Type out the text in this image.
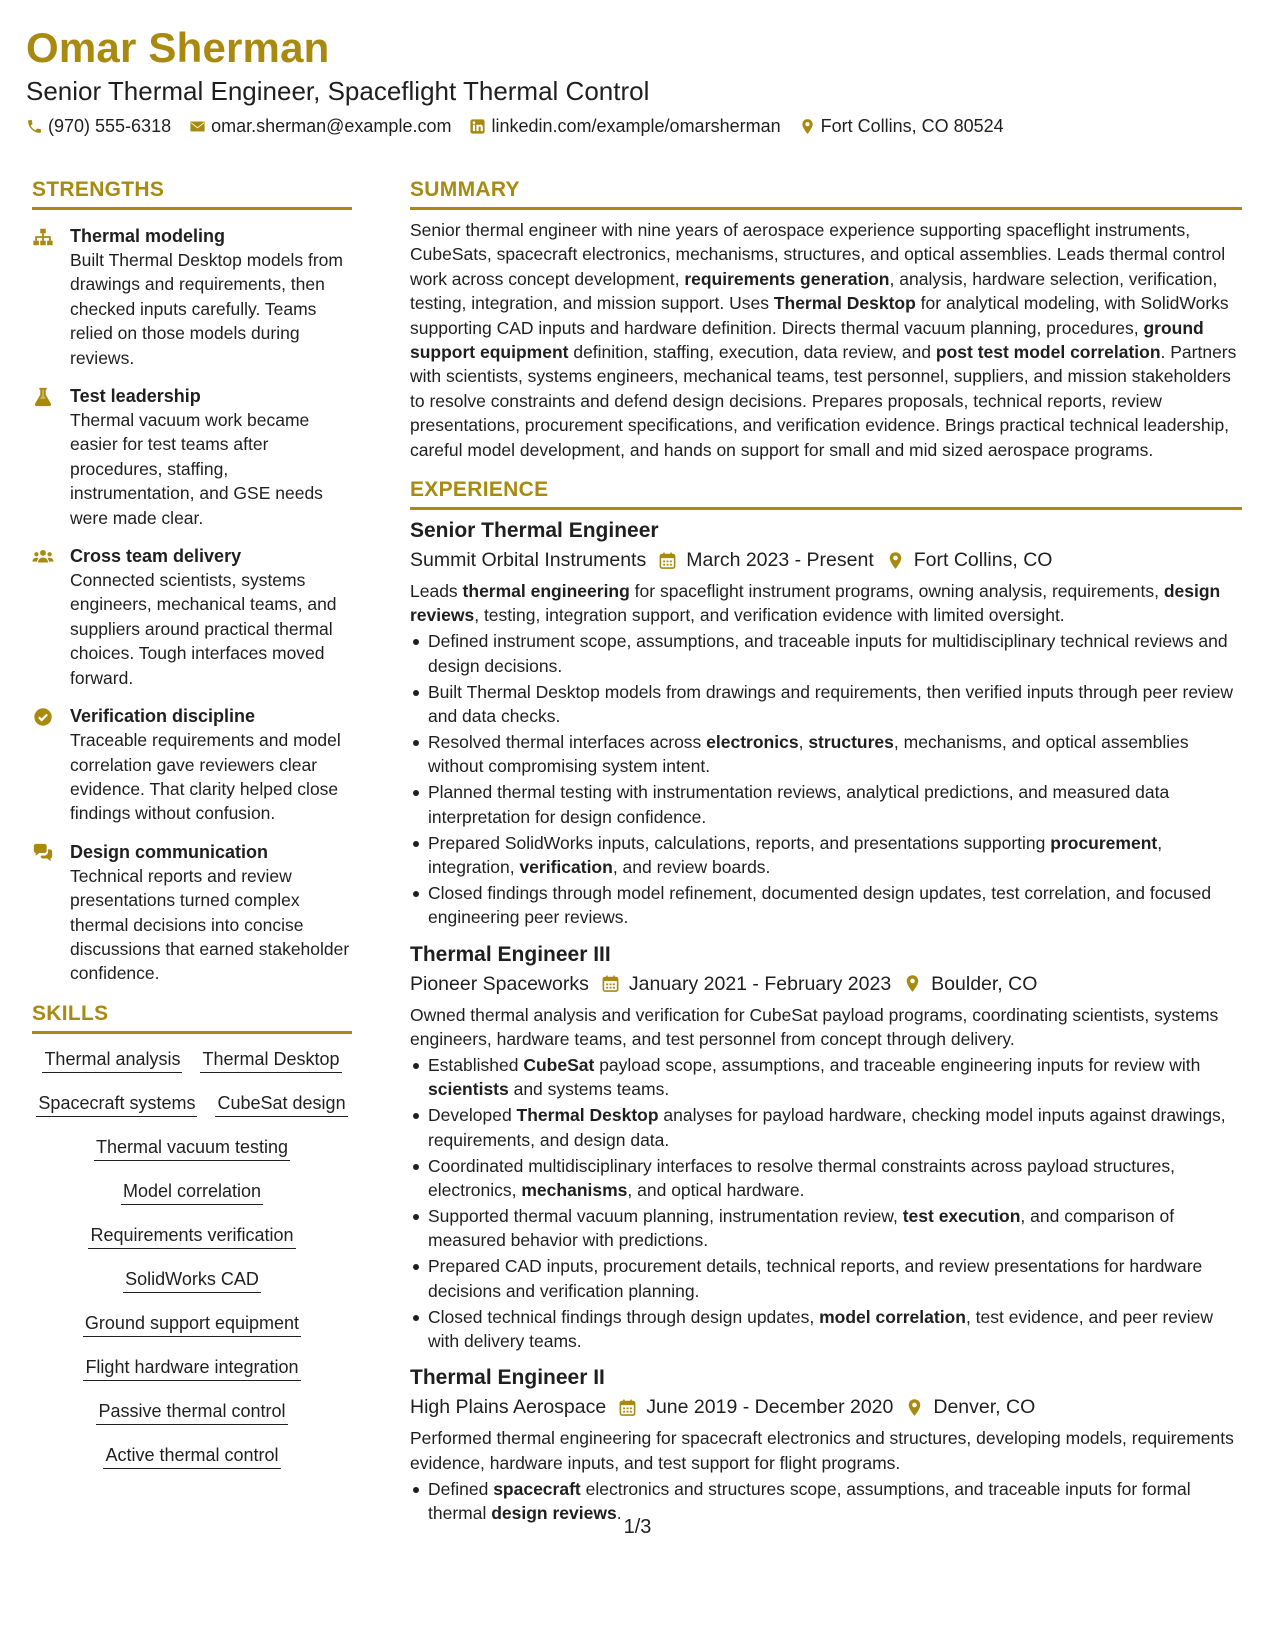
Omar Sherman
Senior Thermal Engineer, Spaceflight Thermal Control
(970) 555-6318 omar.sherman@example.com linkedin.com/example/omarsherman Fort Collins, CO 80524
STRENGTHS
Thermal modeling
Built Thermal Desktop models from drawings and requirements, then checked inputs carefully. Teams relied on those models during reviews.
Test leadership
Thermal vacuum work became easier for test teams after procedures, staffing, instrumentation, and GSE needs were made clear.
Cross team delivery
Connected scientists, systems engineers, mechanical teams, and suppliers around practical thermal choices. Tough interfaces moved forward.
Verification discipline
Traceable requirements and model correlation gave reviewers clear evidence. That clarity helped close findings without confusion.
Design communication
Technical reports and review presentations turned complex thermal decisions into concise discussions that earned stakeholder confidence.
SKILLS
Thermal analysis Thermal Desktop
Spacecraft systems CubeSat design
Thermal vacuum testing
Model correlation
Requirements verification
SolidWorks CAD
Ground support equipment
Flight hardware integration
Passive thermal control
Active thermal control
SUMMARY
Senior thermal engineer with nine years of aerospace experience supporting spaceflight instruments, CubeSats, spacecraft electronics, mechanisms, structures, and optical assemblies. Leads thermal control work across concept development, requirements generation, analysis, hardware selection, verification, testing, integration, and mission support. Uses Thermal Desktop for analytical modeling, with SolidWorks supporting CAD inputs and hardware definition. Directs thermal vacuum planning, procedures, ground support equipment definition, staffing, execution, data review, and post test model correlation. Partners with scientists, systems engineers, mechanical teams, test personnel, suppliers, and mission stakeholders to resolve constraints and defend design decisions. Prepares proposals, technical reports, review presentations, procurement specifications, and verification evidence. Brings practical technical leadership, careful model development, and hands on support for small and mid sized aerospace programs.
EXPERIENCE
Senior Thermal Engineer
Summit Orbital Instruments March 2023 - Present Fort Collins, CO
Leads thermal engineering for spaceflight instrument programs, owning analysis, requirements, design reviews, testing, integration support, and verification evidence with limited oversight.
Defined instrument scope, assumptions, and traceable inputs for multidisciplinary technical reviews and design decisions.
Built Thermal Desktop models from drawings and requirements, then verified inputs through peer review and data checks.
Resolved thermal interfaces across electronics, structures, mechanisms, and optical assemblies without compromising system intent.
Planned thermal testing with instrumentation reviews, analytical predictions, and measured data interpretation for design confidence.
Prepared SolidWorks inputs, calculations, reports, and presentations supporting procurement, integration, verification, and review boards.
Closed findings through model refinement, documented design updates, test correlation, and focused engineering peer reviews.
Thermal Engineer III
Pioneer Spaceworks January 2021 - February 2023 Boulder, CO
Owned thermal analysis and verification for CubeSat payload programs, coordinating scientists, systems engineers, hardware teams, and test personnel from concept through delivery.
Established CubeSat payload scope, assumptions, and traceable engineering inputs for review with scientists and systems teams.
Developed Thermal Desktop analyses for payload hardware, checking model inputs against drawings, requirements, and design data.
Coordinated multidisciplinary interfaces to resolve thermal constraints across payload structures, electronics, mechanisms, and optical hardware.
Supported thermal vacuum planning, instrumentation review, test execution, and comparison of measured behavior with predictions.
Prepared CAD inputs, procurement details, technical reports, and review presentations for hardware decisions and verification planning.
Closed technical findings through design updates, model correlation, test evidence, and peer review with delivery teams.
Thermal Engineer II
High Plains Aerospace June 2019 - December 2020 Denver, CO
Performed thermal engineering for spacecraft electronics and structures, developing models, requirements evidence, hardware inputs, and test support for flight programs.
Defined spacecraft electronics and structures scope, assumptions, and traceable inputs for formal thermal design reviews.
1/3
